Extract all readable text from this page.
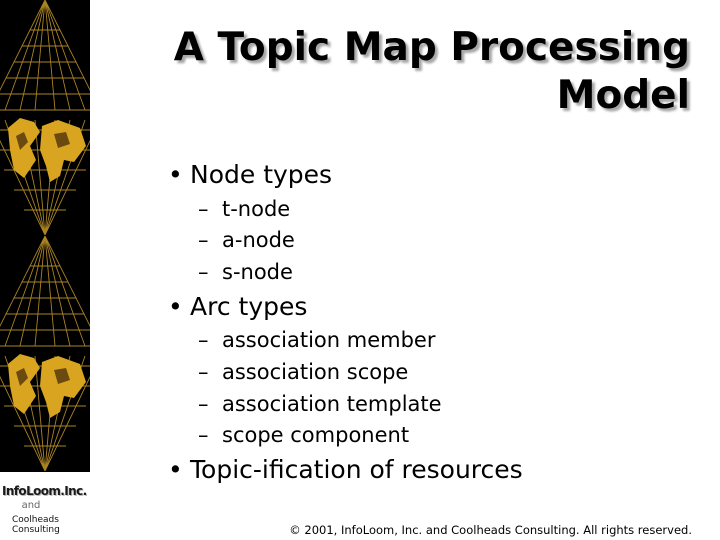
InfoLoom.Inc.
and
Coolheads
Consulting
A Topic Map Processing
Model
• Node types
– t-node
– a-node
– s-node
• Arc types
– association member
– association scope
– association template
– scope component
• Topic-ification of resources
© 2001, InfoLoom, Inc. and Coolheads Consulting. All rights reserved.
